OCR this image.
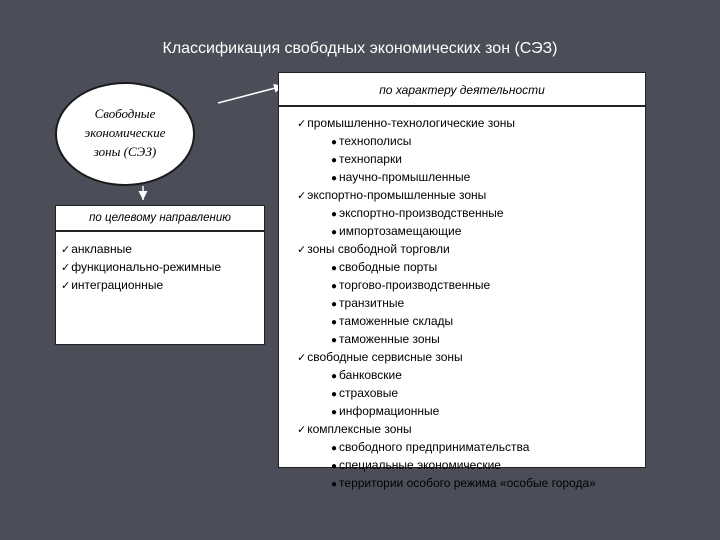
Классификация свободных экономических зон (СЭЗ)
Свободные
экономические
зоны (СЭЗ)
по целевому направлению
✓анклавные
✓функционально-режимные
✓интеграционные
по характеру деятельности
✓промышленно-технологические зоны
● технополисы
● технопарки
● научно-промышленные
✓экспортно-промышленные зоны
● экспортно-производственные
● импортозамещающие
✓зоны свободной торговли
● свободные порты
● торгово-производственные
● транзитные
● таможенные склады
● таможенные зоны
✓свободные сервисные зоны
● банковские
● страховые
● информационные
✓комплексные зоны
● свободного предпринимательства
● специальные экономические
● территории особого режима «особые города»
